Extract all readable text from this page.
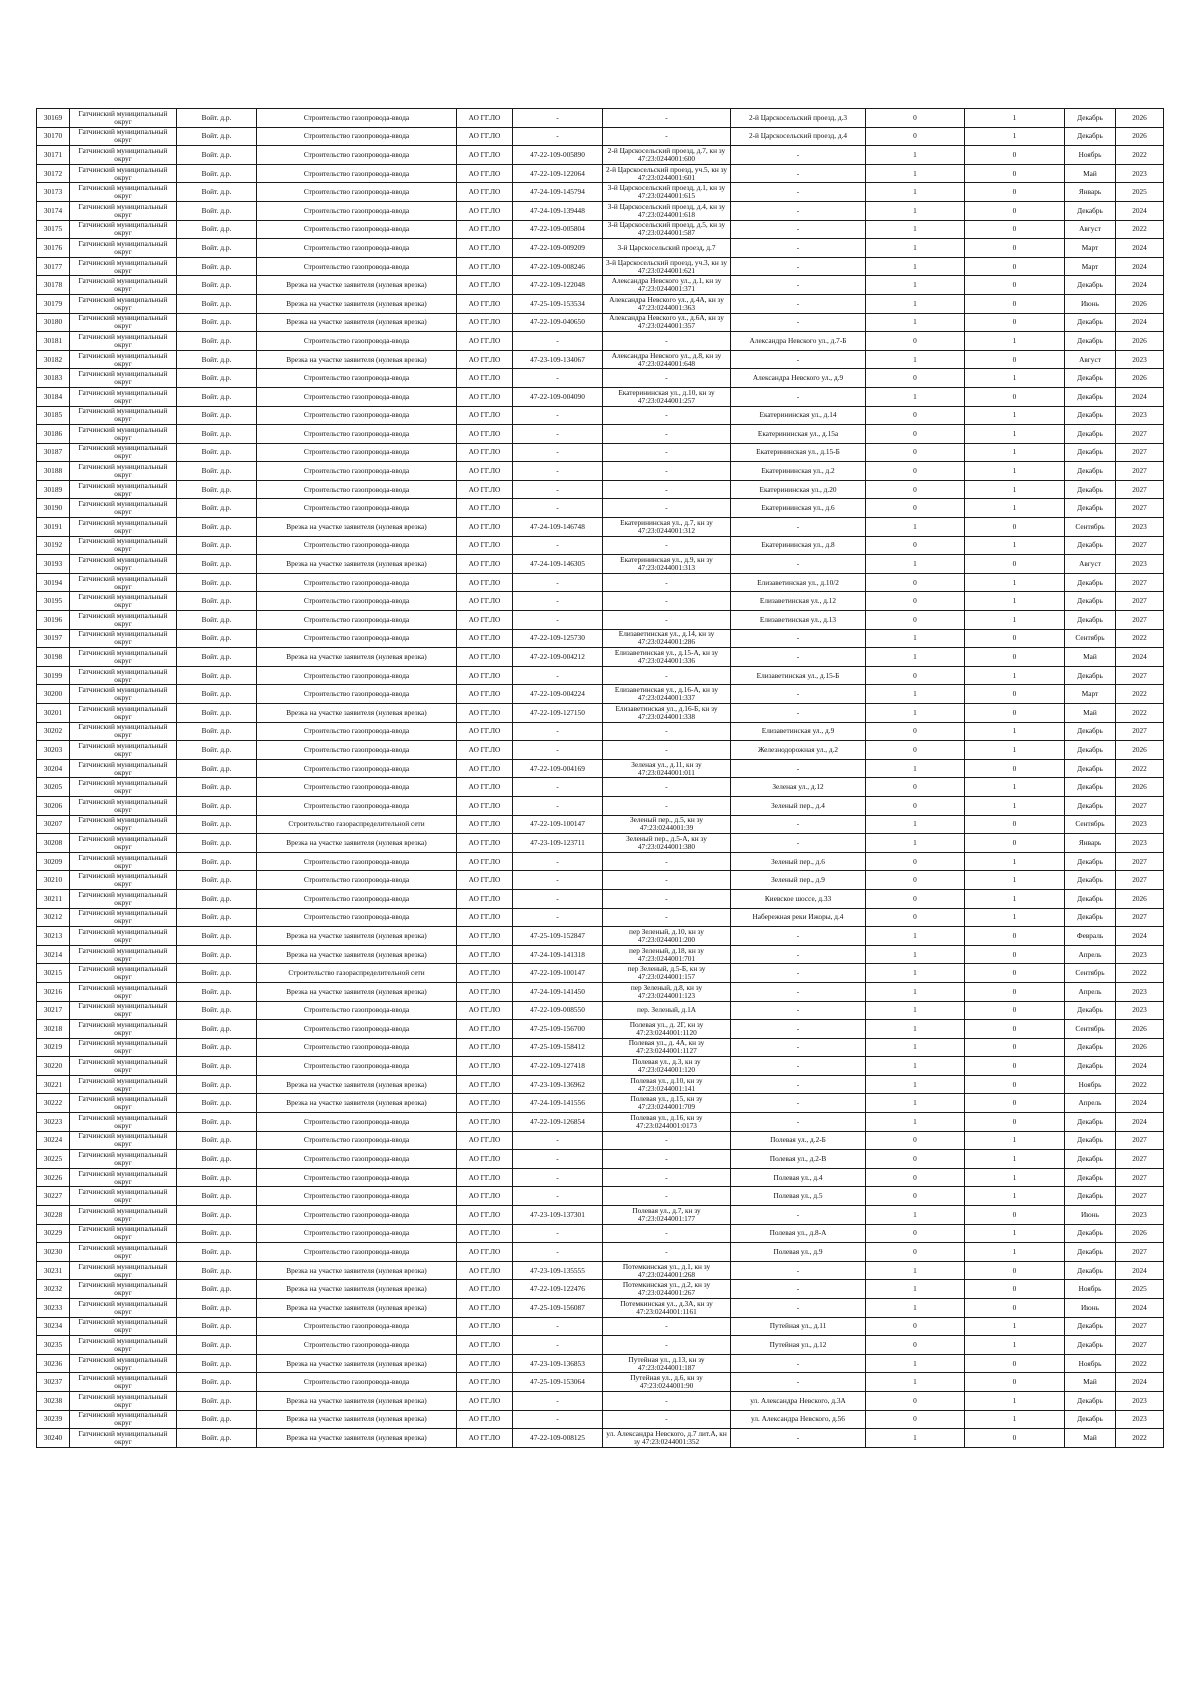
30169	Гатчинский муниципальный округ	Войт. д.р.	Строительство газопровода-ввода	АО ГГ.ЛО	-	-	2-й Царскосельский проезд, д.3	0	1	Декабрь	2026
30170	Гатчинский муниципальный округ	Войт. д.р.	Строительство газопровода-ввода	АО ГГ.ЛО	-	-	2-й Царскосельский проезд, д.4	0	1	Декабрь	2026
30171	Гатчинский муниципальный округ	Войт. д.р.	Строительство газопровода-ввода	АО ГГ.ЛО	47-22-109-005890	2-й Царскосельский проезд, д.7, кн зу 47:23:0244001:600	-	1	0	Ноябрь	2022
30172	Гатчинский муниципальный округ	Войт. д.р.	Строительство газопровода-ввода	АО ГГ.ЛО	47-22-109-122064	2-й Царскосельский проезд, уч.5, кн зу 47:23:0244001:601	-	1	0	Май	2023
30173	Гатчинский муниципальный округ	Войт. д.р.	Строительство газопровода-ввода	АО ГГ.ЛО	47-24-109-145794	3-й Царскосельский проезд, д.1, кн зу 47:23:0244001:615	-	1	0	Январь	2025
30174	Гатчинский муниципальный округ	Войт. д.р.	Строительство газопровода-ввода	АО ГГ.ЛО	47-24-109-139448	3-й Царскосельский проезд, д.4, кн зу 47:23:0244001:618	-	1	0	Декабрь	2024
30175	Гатчинский муниципальный округ	Войт. д.р.	Строительство газопровода-ввода	АО ГГ.ЛО	47-22-109-005804	3-й Царскосельский проезд, д.5, кн зу 47:23:0244001:587	-	1	0	Август	2022
30176	Гатчинский муниципальный округ	Войт. д.р.	Строительство газопровода-ввода	АО ГГ.ЛО	47-22-109-009209	3-й Царскосельский проезд, д.7	-	1	0	Март	2024
30177	Гатчинский муниципальный округ	Войт. д.р.	Строительство газопровода-ввода	АО ГГ.ЛО	47-22-109-008246	3-й Царскосельский проезд, уч.3, кн зу 47:23:0244001:621	-	1	0	Март	2024
30178	Гатчинский муниципальный округ	Войт. д.р.	Врезка на участке заявителя (нулевая врезка)	АО ГГ.ЛО	47-22-109-122048	Александра Невского ул., д.1, кн зу 47:23:0244001:371	-	1	0	Декабрь	2024
30179	Гатчинский муниципальный округ	Войт. д.р.	Врезка на участке заявителя (нулевая врезка)	АО ГГ.ЛО	47-25-109-153534	Александра Невского ул., д.4А, кн зу 47:23:0244001:363	-	1	0	Июнь	2026
30180	Гатчинский муниципальный округ	Войт. д.р.	Врезка на участке заявителя (нулевая врезка)	АО ГГ.ЛО	47-22-109-040650	Александра Невского ул., д.6А, кн зу 47:23:0244001:357	-	1	0	Декабрь	2024
30181	Гатчинский муниципальный округ	Войт. д.р.	Строительство газопровода-ввода	АО ГГ.ЛО	-	-	Александра Невского ул., д.7-Б	0	1	Декабрь	2026
30182	Гатчинский муниципальный округ	Войт. д.р.	Врезка на участке заявителя (нулевая врезка)	АО ГГ.ЛО	47-23-109-134067	Александра Невского ул., д.8, кн зу 47:23:0244001:648	-	1	0	Август	2023
30183	Гатчинский муниципальный округ	Войт. д.р.	Строительство газопровода-ввода	АО ГГ.ЛО	-	-	Александра Невского ул., д.9	0	1	Декабрь	2026
30184	Гатчинский муниципальный округ	Войт. д.р.	Строительство газопровода-ввода	АО ГГ.ЛО	47-22-109-004090	Екатерининская ул., д.10, кн зу 47:23:0244001:257	-	1	0	Декабрь	2024
30185	Гатчинский муниципальный округ	Войт. д.р.	Строительство газопровода-ввода	АО ГГ.ЛО	-	-	Екатерининская ул., д.14	0	1	Декабрь	2023
30186	Гатчинский муниципальный округ	Войт. д.р.	Строительство газопровода-ввода	АО ГГ.ЛО	-	-	Екатерининская ул., д.15а	0	1	Декабрь	2027
30187	Гатчинский муниципальный округ	Войт. д.р.	Строительство газопровода-ввода	АО ГГ.ЛО	-	-	Екатерининская ул., д.15-Б	0	1	Декабрь	2027
30188	Гатчинский муниципальный округ	Войт. д.р.	Строительство газопровода-ввода	АО ГГ.ЛО	-	-	Екатерининская ул., д.2	0	1	Декабрь	2027
30189	Гатчинский муниципальный округ	Войт. д.р.	Строительство газопровода-ввода	АО ГГ.ЛО	-	-	Екатерининская ул., д.20	0	1	Декабрь	2027
30190	Гатчинский муниципальный округ	Войт. д.р.	Строительство газопровода-ввода	АО ГГ.ЛО	-	-	Екатерининская ул., д.6	0	1	Декабрь	2027
30191	Гатчинский муниципальный округ	Войт. д.р.	Врезка на участке заявителя (нулевая врезка)	АО ГГ.ЛО	47-24-109-146748	Екатерининская ул., д.7, кн зу 47:23:0244001:312	-	1	0	Сентябрь	2023
30192	Гатчинский муниципальный округ	Войт. д.р.	Строительство газопровода-ввода	АО ГГ.ЛО	-	-	Екатерининская ул., д.8	0	1	Декабрь	2027
30193	Гатчинский муниципальный округ	Войт. д.р.	Врезка на участке заявителя (нулевая врезка)	АО ГГ.ЛО	47-24-109-146305	Екатерининская ул., д.9, кн зу 47:23:0244001:313	-	1	0	Август	2023
30194	Гатчинский муниципальный округ	Войт. д.р.	Строительство газопровода-ввода	АО ГГ.ЛО	-	-	Елизаветинская ул., д.10/2	0	1	Декабрь	2027
30195	Гатчинский муниципальный округ	Войт. д.р.	Строительство газопровода-ввода	АО ГГ.ЛО	-	-	Елизаветинская ул., д.12	0	1	Декабрь	2027
30196	Гатчинский муниципальный округ	Войт. д.р.	Строительство газопровода-ввода	АО ГГ.ЛО	-	-	Елизаветинская ул., д.13	0	1	Декабрь	2027
30197	Гатчинский муниципальный округ	Войт. д.р.	Строительство газопровода-ввода	АО ГГ.ЛО	47-22-109-125730	Елизаветинская ул., д.14, кн зу 47:23:0244001:286	-	1	0	Сентябрь	2022
30198	Гатчинский муниципальный округ	Войт. д.р.	Врезка на участке заявителя (нулевая врезка)	АО ГГ.ЛО	47-22-109-004212	Елизаветинская ул., д.15-А, кн зу 47:23:0244001:336	-	1	0	Май	2024
30199	Гатчинский муниципальный округ	Войт. д.р.	Строительство газопровода-ввода	АО ГГ.ЛО	-	-	Елизаветинская ул., д.15-Б	0	1	Декабрь	2027
30200	Гатчинский муниципальный округ	Войт. д.р.	Строительство газопровода-ввода	АО ГГ.ЛО	47-22-109-004224	Елизаветинская ул., д.16-А, кн зу 47:23:0244001:337	-	1	0	Март	2022
30201	Гатчинский муниципальный округ	Войт. д.р.	Врезка на участке заявителя (нулевая врезка)	АО ГГ.ЛО	47-22-109-127150	Елизаветинская ул., д.16-Б, кн зу 47:23:0244001:338	-	1	0	Май	2022
30202	Гатчинский муниципальный округ	Войт. д.р.	Строительство газопровода-ввода	АО ГГ.ЛО	-	-	Елизаветинская ул., д.9	0	1	Декабрь	2027
30203	Гатчинский муниципальный округ	Войт. д.р.	Строительство газопровода-ввода	АО ГГ.ЛО	-	-	Железнодорожная ул., д.2	0	1	Декабрь	2026
30204	Гатчинский муниципальный округ	Войт. д.р.	Строительство газопровода-ввода	АО ГГ.ЛО	47-22-109-004169	Зеленая ул., д.11, кн зу 47:23:0244001:011	-	1	0	Декабрь	2022
30205	Гатчинский муниципальный округ	Войт. д.р.	Строительство газопровода-ввода	АО ГГ.ЛО	-	-	Зеленая ул., д.12	0	1	Декабрь	2026
30206	Гатчинский муниципальный округ	Войт. д.р.	Строительство газопровода-ввода	АО ГГ.ЛО	-	-	Зеленый пер., д.4	0	1	Декабрь	2027
30207	Гатчинский муниципальный округ	Войт. д.р.	Строительство газораспределительной сети	АО ГГ.ЛО	47-22-109-100147	Зеленый пер., д.5, кн зу 47:23:0244001:39	-	1	0	Сентябрь	2023
30208	Гатчинский муниципальный округ	Войт. д.р.	Врезка на участке заявителя (нулевая врезка)	АО ГГ.ЛО	47-23-109-123711	Зеленый пер., д.5-А, кн зу 47:23:0244001:380	-	1	0	Январь	2023
30209	Гатчинский муниципальный округ	Войт. д.р.	Строительство газопровода-ввода	АО ГГ.ЛО	-	-	Зеленый пер., д.6	0	1	Декабрь	2027
30210	Гатчинский муниципальный округ	Войт. д.р.	Строительство газопровода-ввода	АО ГГ.ЛО	-	-	Зеленый пер., д.9	0	1	Декабрь	2027
30211	Гатчинский муниципальный округ	Войт. д.р.	Строительство газопровода-ввода	АО ГГ.ЛО	-	-	Киевское шоссе, д.33	0	1	Декабрь	2026
30212	Гатчинский муниципальный округ	Войт. д.р.	Строительство газопровода-ввода	АО ГГ.ЛО	-	-	Набережная реки Ижоры, д.4	0	1	Декабрь	2027
30213	Гатчинский муниципальный округ	Войт. д.р.	Врезка на участке заявителя (нулевая врезка)	АО ГГ.ЛО	47-25-109-152847	пер Зеленый, д.10, кн зу 47:23:0244001:200	-	1	0	Февраль	2024
30214	Гатчинский муниципальный округ	Войт. д.р.	Врезка на участке заявителя (нулевая врезка)	АО ГГ.ЛО	47-24-109-141318	пер Зеленый, д.18, кн зу 47:23:0244001:701	-	1	0	Апрель	2023
30215	Гатчинский муниципальный округ	Войт. д.р.	Строительство газораспределительной сети	АО ГГ.ЛО	47-22-109-100147	пер Зеленый, д.5-Б, кн зу 47:23:0244001:157	-	1	0	Сентябрь	2022
30216	Гатчинский муниципальный округ	Войт. д.р.	Врезка на участке заявителя (нулевая врезка)	АО ГГ.ЛО	47-24-109-141450	пер Зеленый, д.8, кн зу 47:23:0244001:123	-	1	0	Апрель	2023
30217	Гатчинский муниципальный округ	Войт. д.р.	Строительство газопровода-ввода	АО ГГ.ЛО	47-22-109-008550	пер. Зеленый, д.1А	-	1	0	Декабрь	2023
30218	Гатчинский муниципальный округ	Войт. д.р.	Строительство газопровода-ввода	АО ГГ.ЛО	47-25-109-156700	Полевая ул., д. 2Г, кн зу 47:23:0244001:1120	-	1	0	Сентябрь	2026
30219	Гатчинский муниципальный округ	Войт. д.р.	Строительство газопровода-ввода	АО ГГ.ЛО	47-25-109-158412	Полевая ул., д. 4А, кн зу 47:23:0244001:1127	-	1	0	Декабрь	2026
30220	Гатчинский муниципальный округ	Войт. д.р.	Строительство газопровода-ввода	АО ГГ.ЛО	47-22-109-127418	Полевая ул., д.3, кн зу 47:23:0244001:120	-	1	0	Декабрь	2024
30221	Гатчинский муниципальный округ	Войт. д.р.	Врезка на участке заявителя (нулевая врезка)	АО ГГ.ЛО	47-23-109-136962	Полевая ул., д.10, кн зу 47:23:0244001:141	-	1	0	Ноябрь	2022
30222	Гатчинский муниципальный округ	Войт. д.р.	Врезка на участке заявителя (нулевая врезка)	АО ГГ.ЛО	47-24-109-141556	Полевая ул., д.15, кн зу 47:23:0244001:709	-	1	0	Апрель	2024
30223	Гатчинский муниципальный округ	Войт. д.р.	Строительство газопровода-ввода	АО ГГ.ЛО	47-22-109-126854	Полевая ул., д.16, кн зу 47:23:0244001:0173	-	1	0	Декабрь	2024
30224	Гатчинский муниципальный округ	Войт. д.р.	Строительство газопровода-ввода	АО ГГ.ЛО	-	-	Полевая ул., д.2-Б	0	1	Декабрь	2027
30225	Гатчинский муниципальный округ	Войт. д.р.	Строительство газопровода-ввода	АО ГГ.ЛО	-	-	Полевая ул., д.2-В	0	1	Декабрь	2027
30226	Гатчинский муниципальный округ	Войт. д.р.	Строительство газопровода-ввода	АО ГГ.ЛО	-	-	Полевая ул., д.4	0	1	Декабрь	2027
30227	Гатчинский муниципальный округ	Войт. д.р.	Строительство газопровода-ввода	АО ГГ.ЛО	-	-	Полевая ул., д.5	0	1	Декабрь	2027
30228	Гатчинский муниципальный округ	Войт. д.р.	Строительство газопровода-ввода	АО ГГ.ЛО	47-23-109-137301	Полевая ул., д.7, кн зу 47:23:0244001:177	-	1	0	Июнь	2023
30229	Гатчинский муниципальный округ	Войт. д.р.	Строительство газопровода-ввода	АО ГГ.ЛО	-	-	Полевая ул., д.8-А	0	1	Декабрь	2026
30230	Гатчинский муниципальный округ	Войт. д.р.	Строительство газопровода-ввода	АО ГГ.ЛО	-	-	Полевая ул., д.9	0	1	Декабрь	2027
30231	Гатчинский муниципальный округ	Войт. д.р.	Врезка на участке заявителя (нулевая врезка)	АО ГГ.ЛО	47-23-109-135555	Потемкинская ул., д.1, кн зу 47:23:0244001:268	-	1	0	Декабрь	2024
30232	Гатчинский муниципальный округ	Войт. д.р.	Врезка на участке заявителя (нулевая врезка)	АО ГГ.ЛО	47-22-109-122476	Потемкинская ул., д.2, кн зу 47:23:0244001:267	-	1	0	Ноябрь	2025
30233	Гатчинский муниципальный округ	Войт. д.р.	Врезка на участке заявителя (нулевая врезка)	АО ГГ.ЛО	47-25-109-156087	Потемкинская ул., д.3А, кн зу 47:23:0244001:1161	-	1	0	Июнь	2024
30234	Гатчинский муниципальный округ	Войт. д.р.	Строительство газопровода-ввода	АО ГГ.ЛО	-	-	Путейная ул., д.11	0	1	Декабрь	2027
30235	Гатчинский муниципальный округ	Войт. д.р.	Строительство газопровода-ввода	АО ГГ.ЛО	-	-	Путейная ул., д.12	0	1	Декабрь	2027
30236	Гатчинский муниципальный округ	Войт. д.р.	Врезка на участке заявителя (нулевая врезка)	АО ГГ.ЛО	47-23-109-136853	Путейная ул., д.13, кн зу 47:23:0244001:187	-	1	0	Ноябрь	2022
30237	Гатчинский муниципальный округ	Войт. д.р.	Строительство газопровода-ввода	АО ГГ.ЛО	47-25-109-153064	Путейная ул., д.6, кн зу 47:23:0244001:90	-	1	0	Май	2024
30238	Гатчинский муниципальный округ	Войт. д.р.	Врезка на участке заявителя (нулевая врезка)	АО ГГ.ЛО	-	-	ул. Александра Невского, д.3А	0	1	Декабрь	2023
30239	Гатчинский муниципальный округ	Войт. д.р.	Врезка на участке заявителя (нулевая врезка)	АО ГГ.ЛО	-	-	ул. Александра Невского, д.56	0	1	Декабрь	2023
30240	Гатчинский муниципальный округ	Войт. д.р.	Врезка на участке заявителя (нулевая врезка)	АО ГГ.ЛО	47-22-109-008125	ул. Александра Невского, д.7 лит.А, кн зу 47:23:0244001:352	-	1	0	Май	2022
